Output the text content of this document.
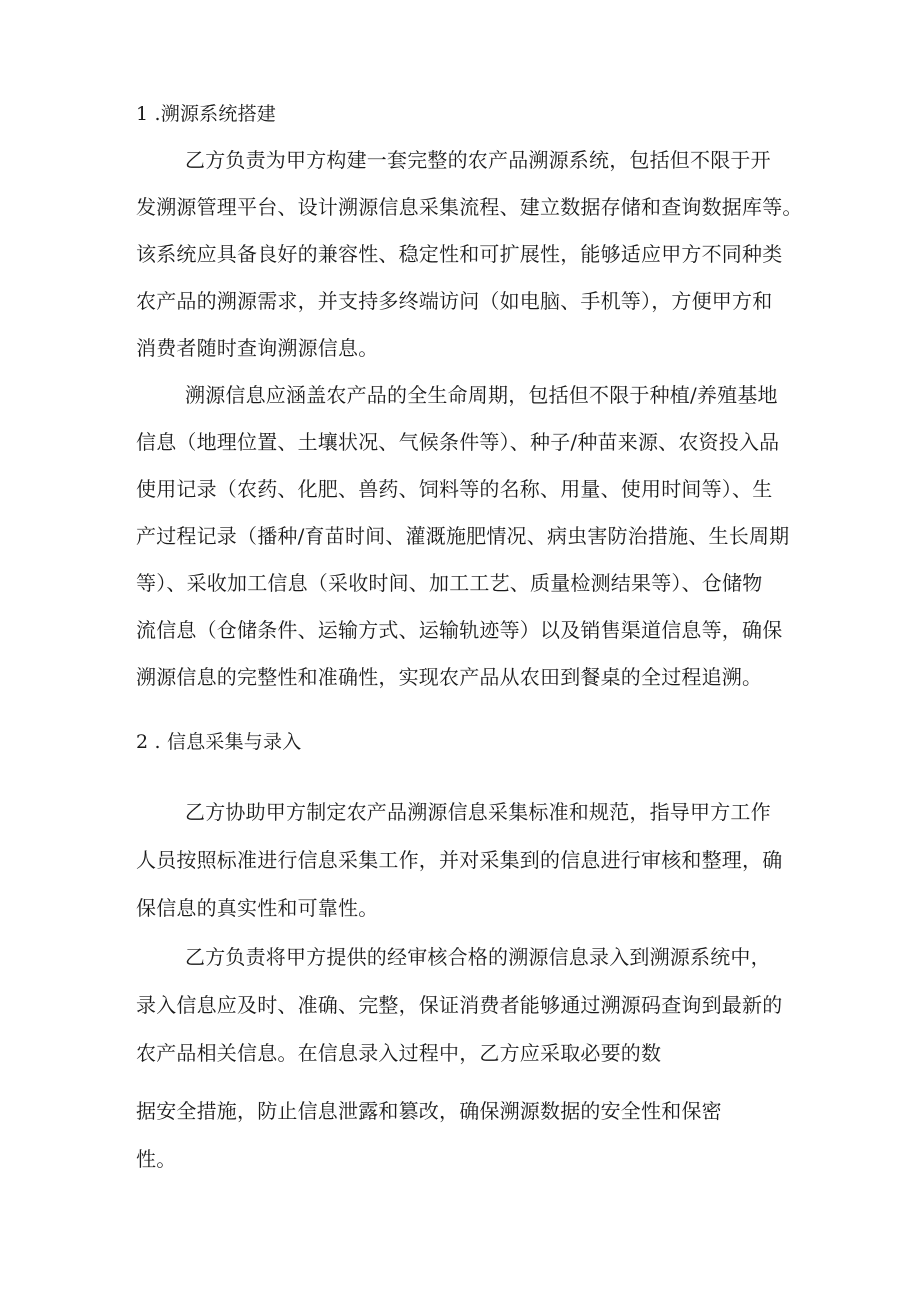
1 .溯源系统搭建
乙方负责为甲方构建一套完整的农产品溯源系统，包括但不限于开
发溯源管理平台、设计溯源信息采集流程、建立数据存储和查询数据库等。
该系统应具备良好的兼容性、稳定性和可扩展性，能够适应甲方不同种类
农产品的溯源需求，并支持多终端访问（如电脑、手机等），方便甲方和
消费者随时查询溯源信息。
溯源信息应涵盖农产品的全生命周期，包括但不限于种植/养殖基地
信息（地理位置、土壤状况、气候条件等）、种子/种苗来源、农资投入品
使用记录（农药、化肥、兽药、饲料等的名称、用量、使用时间等）、生
产过程记录（播种/育苗时间、灌溉施肥情况、病虫害防治措施、生长周期
等）、采收加工信息（采收时间、加工工艺、质量检测结果等）、仓储物
流信息（仓储条件、运输方式、运输轨迹等）以及销售渠道信息等，确保
溯源信息的完整性和准确性，实现农产品从农田到餐桌的全过程追溯。
2 . 信息采集与录入
乙方协助甲方制定农产品溯源信息采集标准和规范，指导甲方工作
人员按照标准进行信息采集工作，并对采集到的信息进行审核和整理，确
保信息的真实性和可靠性。
乙方负责将甲方提供的经审核合格的溯源信息录入到溯源系统中，
录入信息应及时、准确、完整，保证消费者能够通过溯源码查询到最新的
农产品相关信息。在信息录入过程中，乙方应采取必要的数
据安全措施，防止信息泄露和篡改，确保溯源数据的安全性和保密
性。
